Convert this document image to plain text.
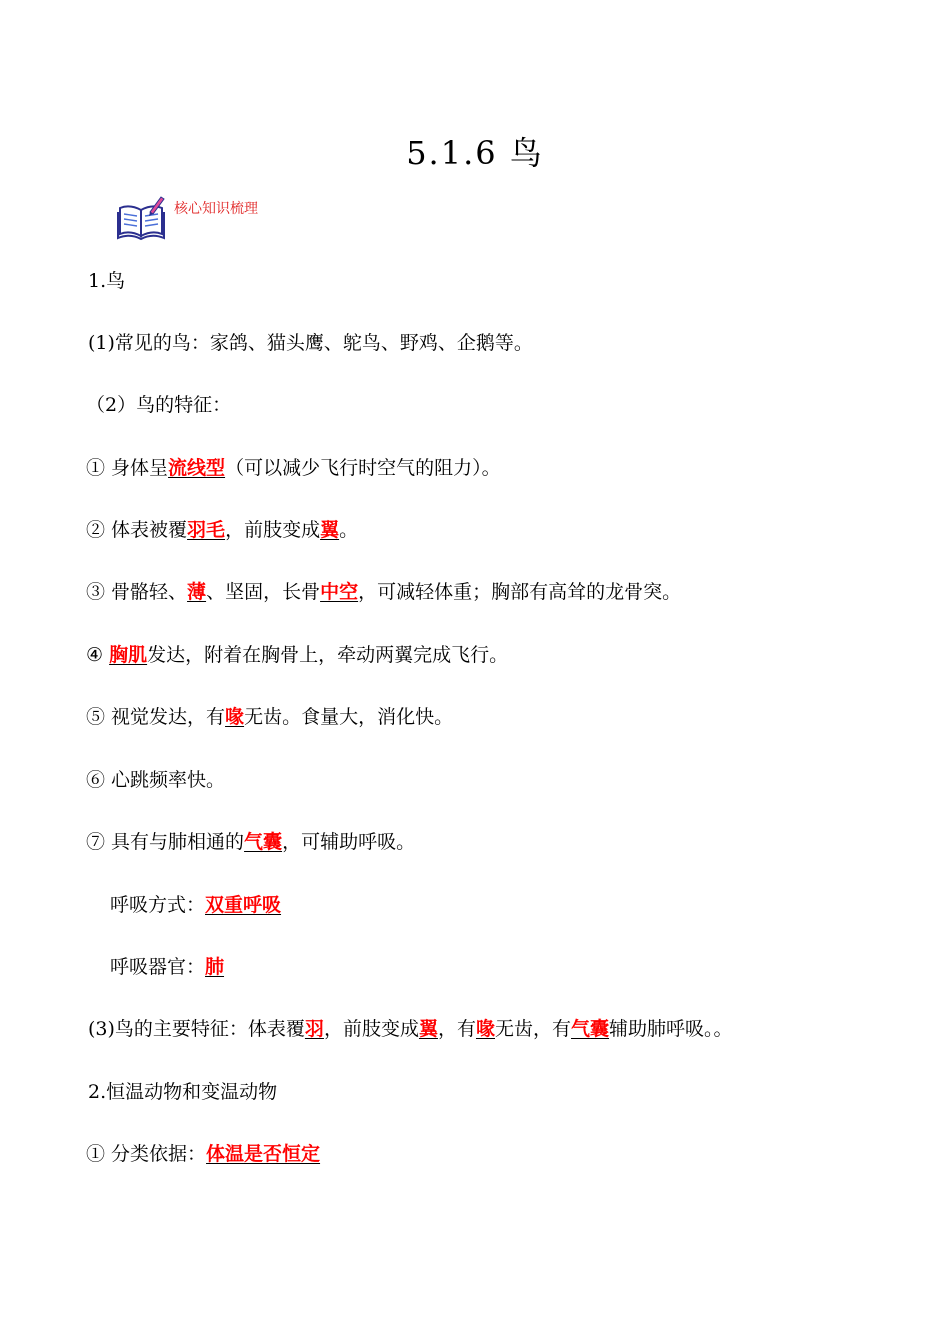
5.1.6 鸟
核心知识梳理
1.鸟
(1)常见的鸟：家鸽、猫头鹰、鸵鸟、野鸡、企鹅等。
（2）鸟的特征：
① 身体呈流线型（可以减少飞行时空气的阻力）。
② 体表被覆羽毛，前肢变成翼。
③ 骨骼轻、薄、坚固，长骨中空，可减轻体重；胸部有高耸的龙骨突。
④ 胸肌发达，附着在胸骨上，牵动两翼完成飞行。
⑤ 视觉发达，有喙无齿。食量大，消化快。
⑥ 心跳频率快。
⑦ 具有与肺相通的气囊，可辅助呼吸。
呼吸方式：双重呼吸
呼吸器官：肺
(3)鸟的主要特征：体表覆羽，前肢变成翼，有喙无齿，有气囊辅助肺呼吸。。
2.恒温动物和变温动物
① 分类依据：体温是否恒定
